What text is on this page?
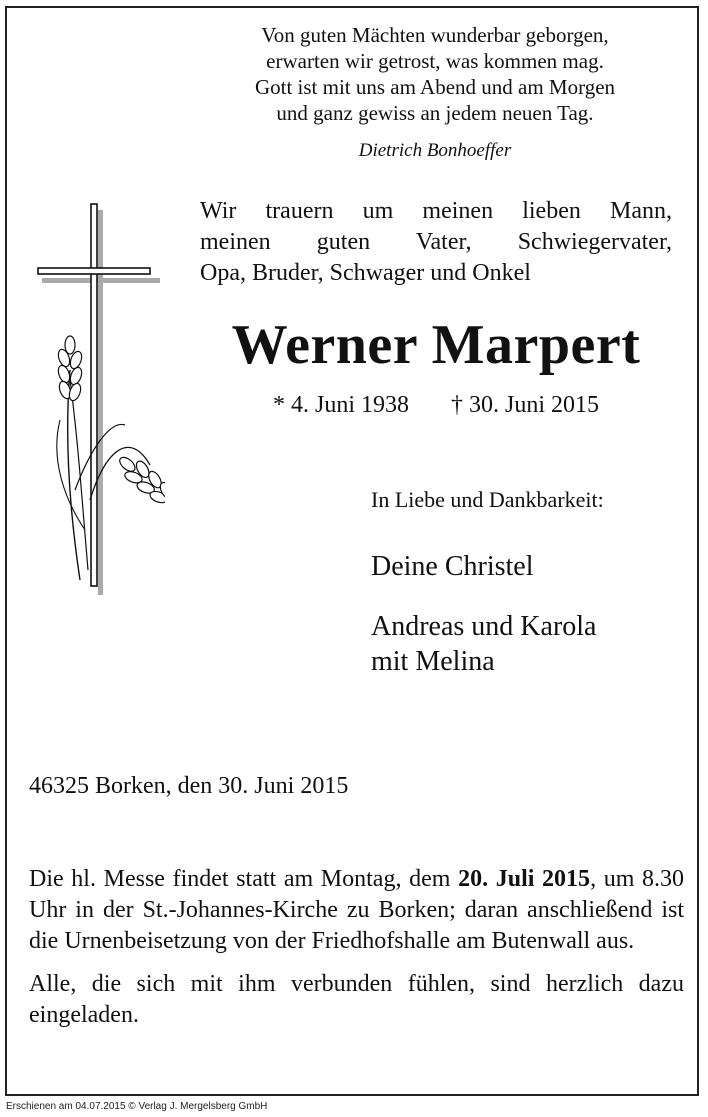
Von guten Mächten wunderbar geborgen,
erwarten wir getrost, was kommen mag.
Gott ist mit uns am Abend und am Morgen
und ganz gewiss an jedem neuen Tag.
Dietrich Bonhoeffer
Wir trauern um meinen lieben Mann,
meinen guten Vater, Schwiegervater,
Opa, Bruder, Schwager und Onkel
Werner Marpert
* 4. Juni 1938 † 30. Juni 2015
In Liebe und Dankbarkeit:
Deine Christel
Andreas und Karola
mit Melina
46325 Borken, den 30. Juni 2015

Die hl. Messe findet statt am Montag, dem 20. Juli 2015, um 8.30 Uhr in der St.-Johannes-Kirche zu Borken; daran anschließend ist die Urnenbeisetzung von der Friedhofshalle am Butenwall aus.

Alle, die sich mit ihm verbunden fühlen, sind herzlich dazu eingeladen.

Erschienen am 04.07.2015 © Verlag J. Mergelsberg GmbH
